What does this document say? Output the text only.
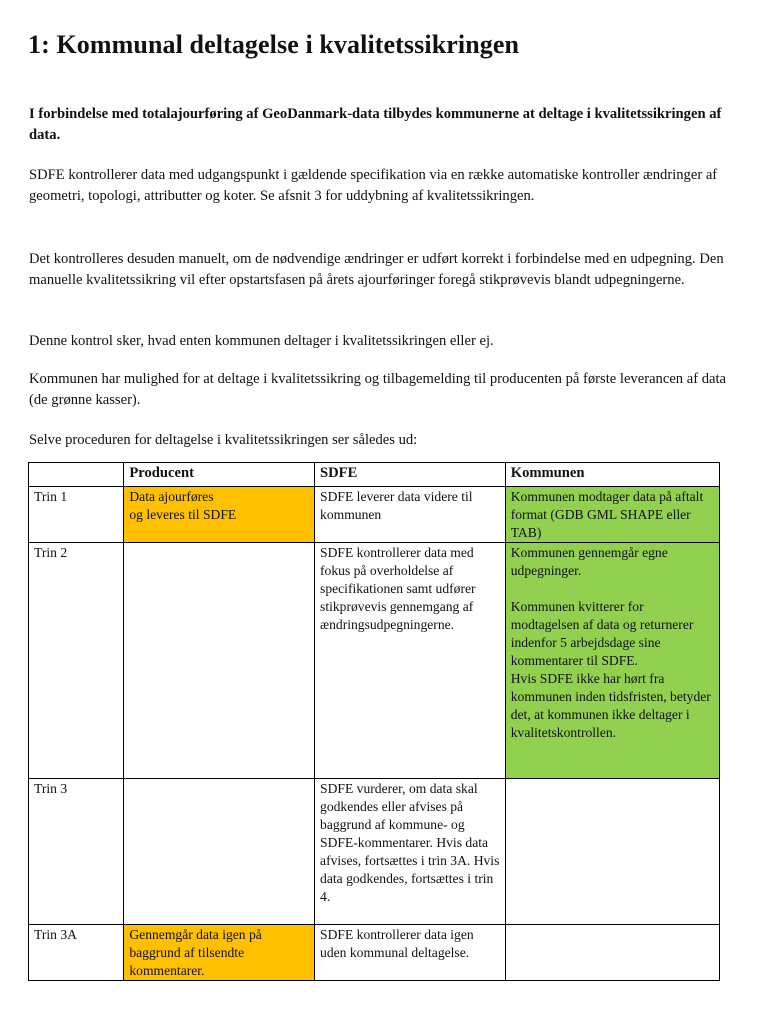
1: Kommunal deltagelse i kvalitetssikringen

I forbindelse med totalajourføring af GeoDanmark-data tilbydes kommunerne at deltage i kvalitetssikringen af data.

SDFE kontrollerer data med udgangspunkt i gældende specifikation via en række automatiske kontroller ændringer af geometri, topologi, attributter og koter. Se afsnit 3 for uddybning af kvalitetssikringen.

Det kontrolleres desuden manuelt, om de nødvendige ændringer er udført korrekt i forbindelse med en udpegning. Den manuelle kvalitetssikring vil efter opstartsfasen på årets ajourføringer foregå stikprøvevis blandt udpegningerne.

Denne kontrol sker, hvad enten kommunen deltager i kvalitetssikringen eller ej.

Kommunen har mulighed for at deltage i kvalitetssikring og tilbagemelding til producenten på første leverancen af data (de grønne kasser).

Selve proceduren for deltagelse i kvalitetssikringen ser således ud:

	Producent	SDFE	Kommunen
Trin 1	Data ajourføres
og leveres til SDFE	SDFE leverer data videre til kommunen	Kommunen modtager data på aftalt format (GDB GML SHAPE eller TAB)
Trin 2		SDFE kontrollerer data med fokus på overholdelse af specifikationen samt udfører stikprøvevis gennemgang af ændringsudpegningerne.	Kommunen gennemgår egne udpegninger.
Kommunen kvitterer for modtagelsen af data og returnerer indenfor 5 arbejdsdage sine kommentarer til SDFE.
Hvis SDFE ikke har hørt fra kommunen inden tidsfristen, betyder det, at kommunen ikke deltager i kvalitetskontrollen.

Trin 3		SDFE vurderer, om data skal godkendes eller afvises på baggrund af kommune- og SDFE-kommentarer. Hvis data afvises, fortsættes i trin 3A. Hvis data godkendes, fortsættes i trin 4.	
Trin 3A	Gennemgår data igen på baggrund af tilsendte kommentarer.	SDFE kontrollerer data igen uden kommunal deltagelse.	
